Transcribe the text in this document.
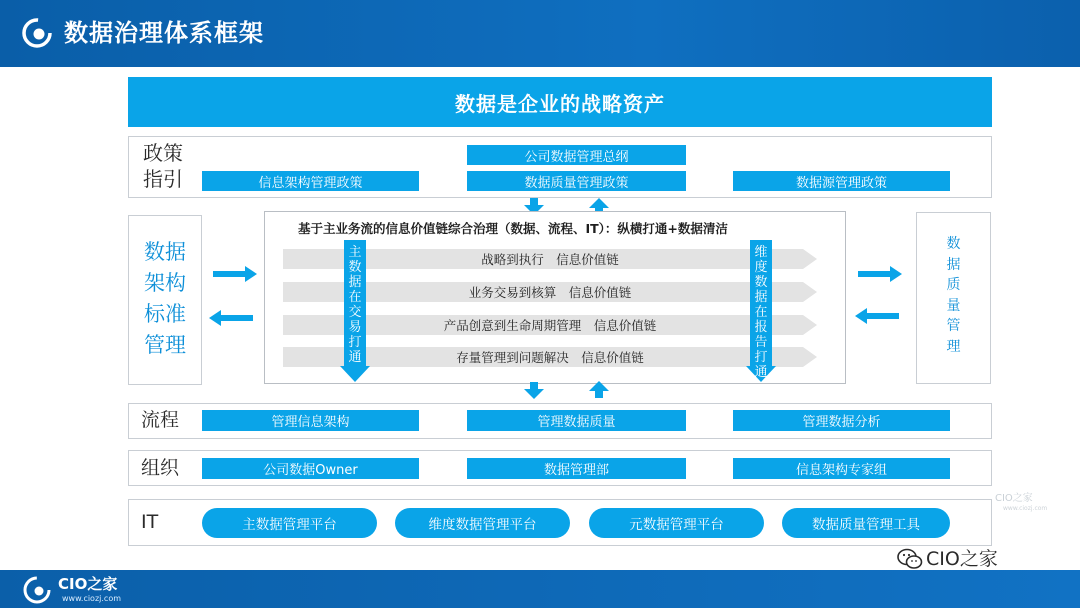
数据治理体系框架
数据是企业的战略资产
政策
指引
公司数据管理总纲
信息架构管理政策	数据质量管理政策	数据源管理政策
数据
架构
标准
管理
基于主业务流的信息价值链综合治理（数据、流程、IT）：纵横打通+数据清洁
战略到执行　信息价值链
业务交易到核算　信息价值链
产品创意到生命周期管理　信息价值链
存量管理到问题解决　信息价值链
主
数
据
在
交
易
打
通
维
度
数
据
在
报
告
打
通
数
据
质
量
管
理
流程	管理信息架构	管理数据质量	管理数据分析
组织	公司数据Owner	数据管理部	信息架构专家组
IT	主数据管理平台	维度数据管理平台	元数据管理平台	数据质量管理工具
CIO之家
www.ciozj.com
CIO之家
CIO之家
www.ciozj.com
